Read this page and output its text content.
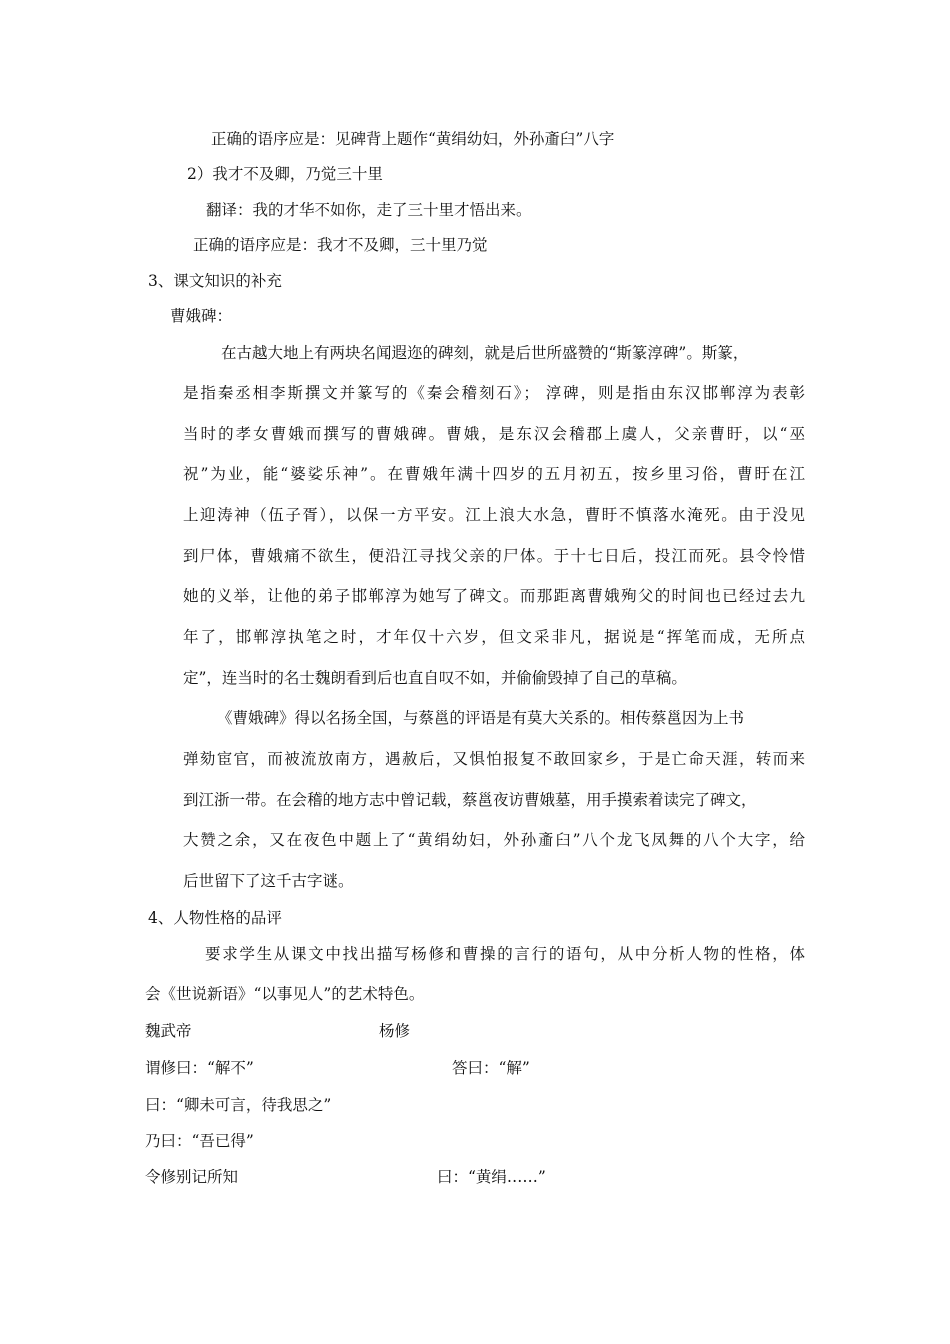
正确的语序应是：见碑背上题作“黄绢幼妇，外孙齑臼”八字

2）我才不及卿，乃觉三十里

翻译：我的才华不如你，走了三十里才悟出来。

正确的语序应是：我才不及卿，三十里乃觉

3、课文知识的补充

曹娥碑：

在古越大地上有两块名闻遐迩的碑刻，就是后世所盛赞的“斯篆淳碑”。斯篆，

是指秦丞相李斯撰文并篆写的《秦会稽刻石》； 淳碑，则是指由东汉邯郸淳为表彰

当时的孝女曹娥而撰写的曹娥碑。曹娥，是东汉会稽郡上虞人，父亲曹盱，以“巫

祝”为业，能“婆娑乐神”。在曹娥年满十四岁的五月初五，按乡里习俗，曹盱在江

上迎涛神（伍子胥），以保一方平安。江上浪大水急，曹盱不慎落水淹死。由于没见

到尸体，曹娥痛不欲生，便沿江寻找父亲的尸体。于十七日后，投江而死。县令怜惜

她的义举，让他的弟子邯郸淳为她写了碑文。而那距离曹娥殉父的时间也已经过去九

年了，邯郸淳执笔之时，才年仅十六岁，但文采非凡，据说是“挥笔而成，无所点

定”，连当时的名士魏朗看到后也直自叹不如，并偷偷毁掉了自己的草稿。

《曹娥碑》得以名扬全国，与蔡邕的评语是有莫大关系的。相传蔡邕因为上书

弹劾宦官，而被流放南方，遇赦后，又惧怕报复不敢回家乡，于是亡命天涯，转而来

到江浙一带。在会稽的地方志中曾记载，蔡邕夜访曹娥墓，用手摸索着读完了碑文，

大赞之余，又在夜色中题上了“黄绢幼妇，外孙齑臼”八个龙飞凤舞的八个大字，给

后世留下了这千古字谜。

4、人物性格的品评

要求学生从课文中找出描写杨修和曹操的言行的语句，从中分析人物的性格，体

会《世说新语》“以事见人”的艺术特色。

魏武帝	杨修

谓修曰：“解不”	答曰：“解”

曰：“卿未可言，待我思之”

乃曰：“吾已得”

令修别记所知	曰：“黄绢……”
